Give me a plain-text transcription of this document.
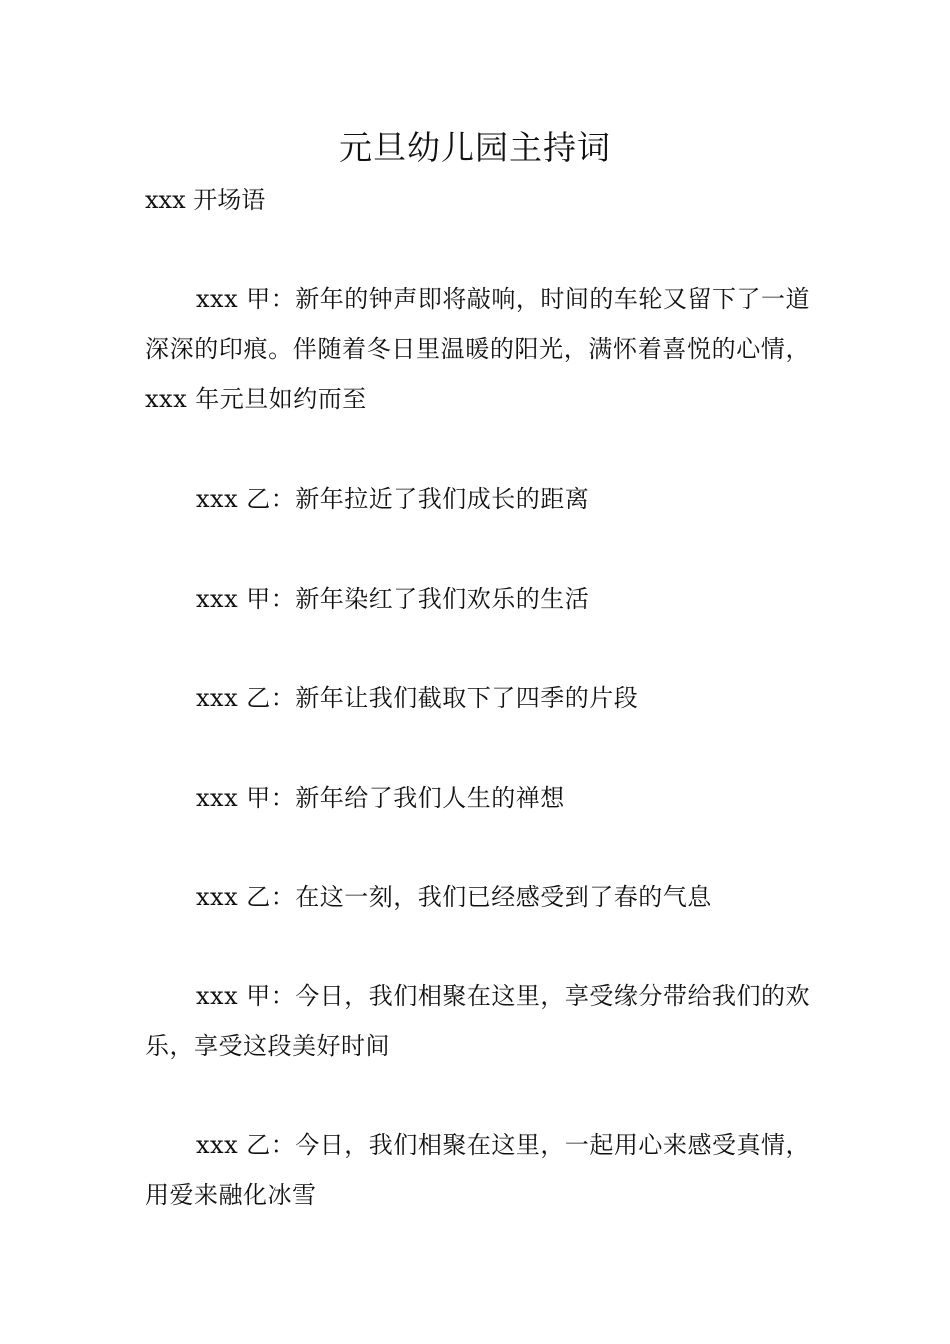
元旦幼儿园主持词

xxx 开场语

xxx 甲：新年的钟声即将敲响，时间的车轮又留下了一道深深的印痕。伴随着冬日里温暖的阳光，满怀着喜悦的心情，xxx 年元旦如约而至

xxx 乙：新年拉近了我们成长的距离

xxx 甲：新年染红了我们欢乐的生活

xxx 乙：新年让我们截取下了四季的片段

xxx 甲：新年给了我们人生的禅想

xxx 乙：在这一刻，我们已经感受到了春的气息

xxx 甲：今日，我们相聚在这里，享受缘分带给我们的欢乐，享受这段美好时间

xxx 乙：今日，我们相聚在这里，一起用心来感受真情，用爱来融化冰雪
